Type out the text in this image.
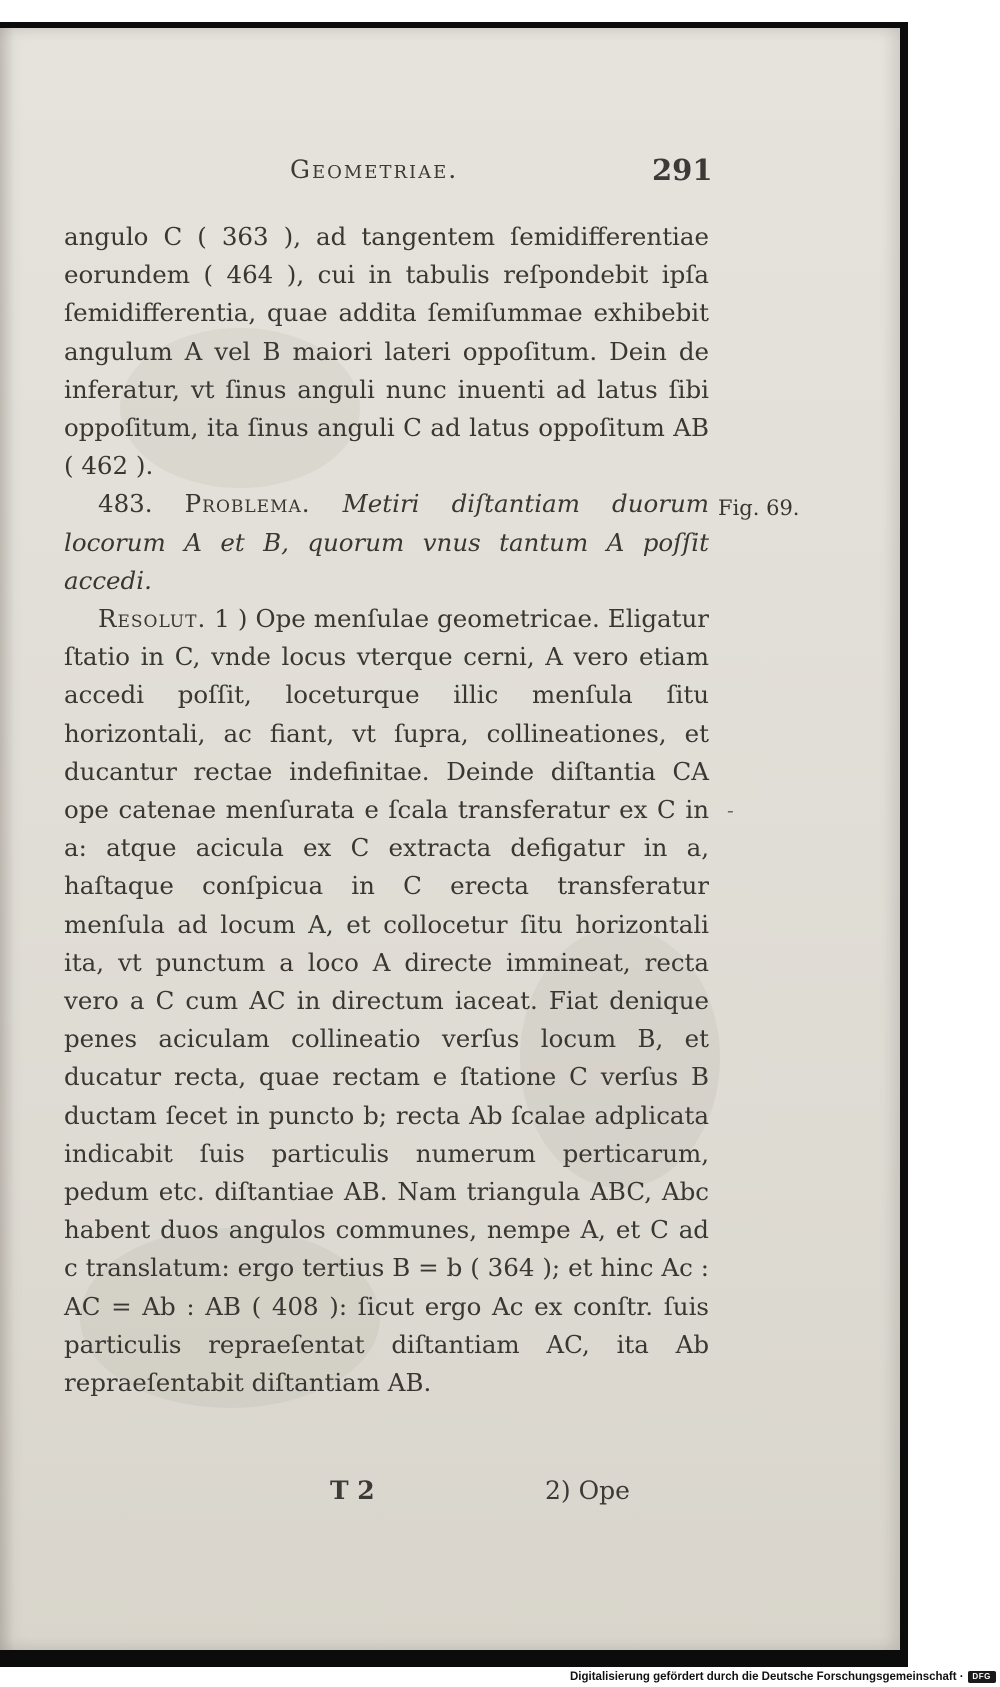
Geometriae.	291

angulo C ( 363 ), ad tangentem ſemidifferentiae eorundem ( 464 ), cui in tabulis reſpondebit ipſa ſemidifferentia, quae addita ſemiſummae exhibebit angulum A vel B maiori lateri oppoſitum. Dein de inferatur, vt ſinus anguli nunc inuenti ad latus ſibi oppoſitum, ita ſinus anguli C ad latus oppoſitum AB ( 462 ).

483. Problema. Metiri diſtantiam duorum locorum A et B, quorum vnus tantum A poſſit accedi.

Resolut. 1 ) Ope menſulae geometricae. Eligatur ſtatio in C, vnde locus vterque cerni, A vero etiam accedi poſſit, loceturque illic menſula ſitu horizontali, ac fiant, vt ſupra, collineationes, et ducantur rectae indefinitae. Deinde diſtantia CA ope catenae menſurata e ſcala transferatur ex C in a: atque acicula ex C extracta defigatur in a, haſtaque conſpicua in C erecta transferatur menſula ad locum A, et collocetur ſitu horizontali ita, vt punctum a loco A directe immineat, recta vero a C cum AC in directum iaceat. Fiat denique penes aciculam collineatio verſus locum B, et ducatur recta, quae rectam e ſtatione C verſus B ductam ſecet in puncto b; recta Ab ſcalae adplicata indicabit ſuis particulis numerum perticarum, pedum etc. diſtantiae AB. Nam triangula ABC, Abc habent duos angulos communes, nempe A, et C ad c translatum: ergo tertius B = b ( 364 ); et hinc Ac : AC = Ab : AB ( 408 ): ſicut ergo Ac ex conſtr. ſuis particulis repraeſentat diſtantiam AC, ita Ab repraeſentabit diſtantiam AB.

Fig. 69.
-
T 2	2) Ope
Digitalisierung gefördert durch die Deutsche Forschungsgemeinschaft ·	DFG
